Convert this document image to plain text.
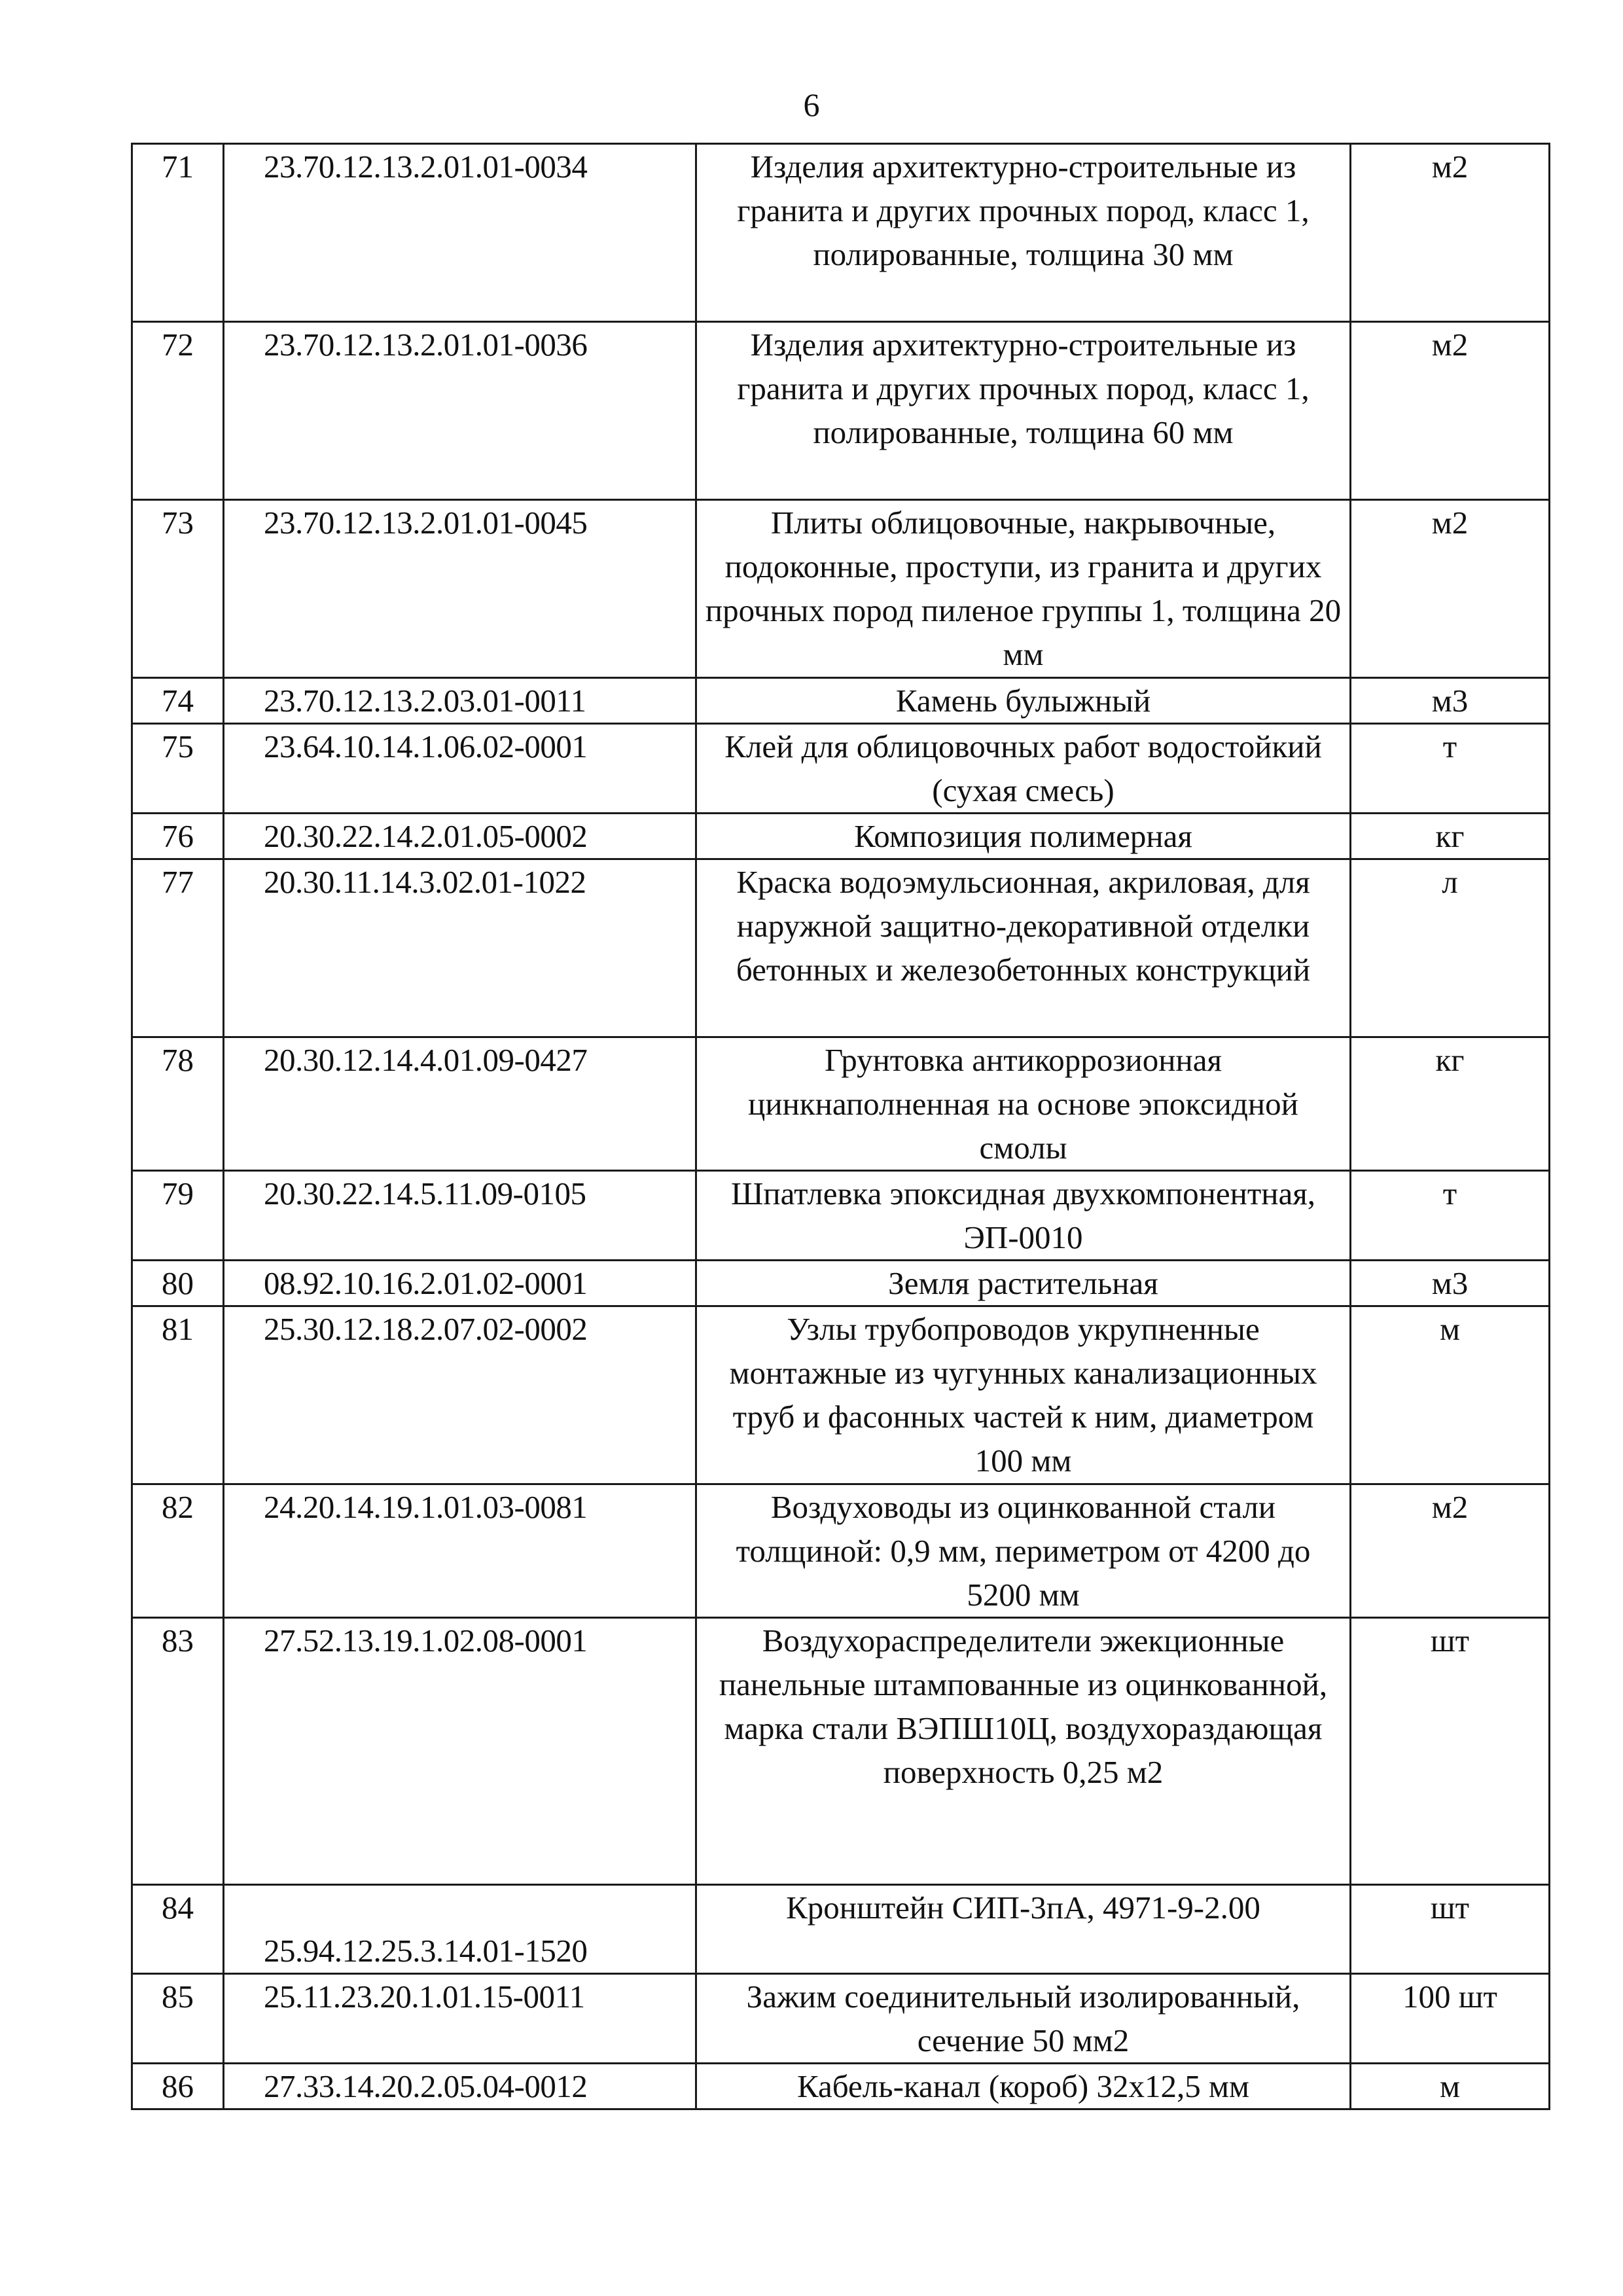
6
71	23.70.12.13.2.01.01-0034	Изделия архитектурно-строительные из гранита и других прочных пород, класс 1, полированные, толщина 30 мм	м2
72	23.70.12.13.2.01.01-0036	Изделия архитектурно-строительные из гранита и других прочных пород, класс 1, полированные, толщина 60 мм	м2
73	23.70.12.13.2.01.01-0045	Плиты облицовочные, накрывочные, подоконные, проступи, из гранита и других прочных пород пиленое группы 1, толщина 20 мм	м2
74	23.70.12.13.2.03.01-0011	Камень булыжный	м3
75	23.64.10.14.1.06.02-0001	Клей для облицовочных работ водостойкий (сухая смесь)	т
76	20.30.22.14.2.01.05-0002	Композиция полимерная	кг
77	20.30.11.14.3.02.01-1022	Краска водоэмульсионная, акриловая, для наружной защитно-декоративной отделки бетонных и железобетонных конструкций	л
78	20.30.12.14.4.01.09-0427	Грунтовка антикоррозионная цинкнаполненная на основе эпоксидной смолы	кг
79	20.30.22.14.5.11.09-0105	Шпатлевка эпоксидная двухкомпонентная, ЭП-0010	т
80	08.92.10.16.2.01.02-0001	Земля растительная	м3
81	25.30.12.18.2.07.02-0002	Узлы трубопроводов укрупненные монтажные из чугунных канализационных труб и фасонных частей к ним, диаметром 100 мм	м
82	24.20.14.19.1.01.03-0081	Воздуховоды из оцинкованной стали толщиной: 0,9 мм, периметром от 4200 до 5200 мм	м2
83	27.52.13.19.1.02.08-0001	Воздухораспределители эжекционные панельные штампованные из оцинкованной, марка стали ВЭПШ10Ц, воздухораздающая поверхность 0,25 м2	шт
84	25.94.12.25.3.14.01-1520	Кронштейн СИП-3пА, 4971-9-2.00	шт
85	25.11.23.20.1.01.15-0011	Зажим соединительный изолированный, сечение 50 мм2	100 шт
86	27.33.14.20.2.05.04-0012	Кабель-канал (короб) 32x12,5 мм	м
